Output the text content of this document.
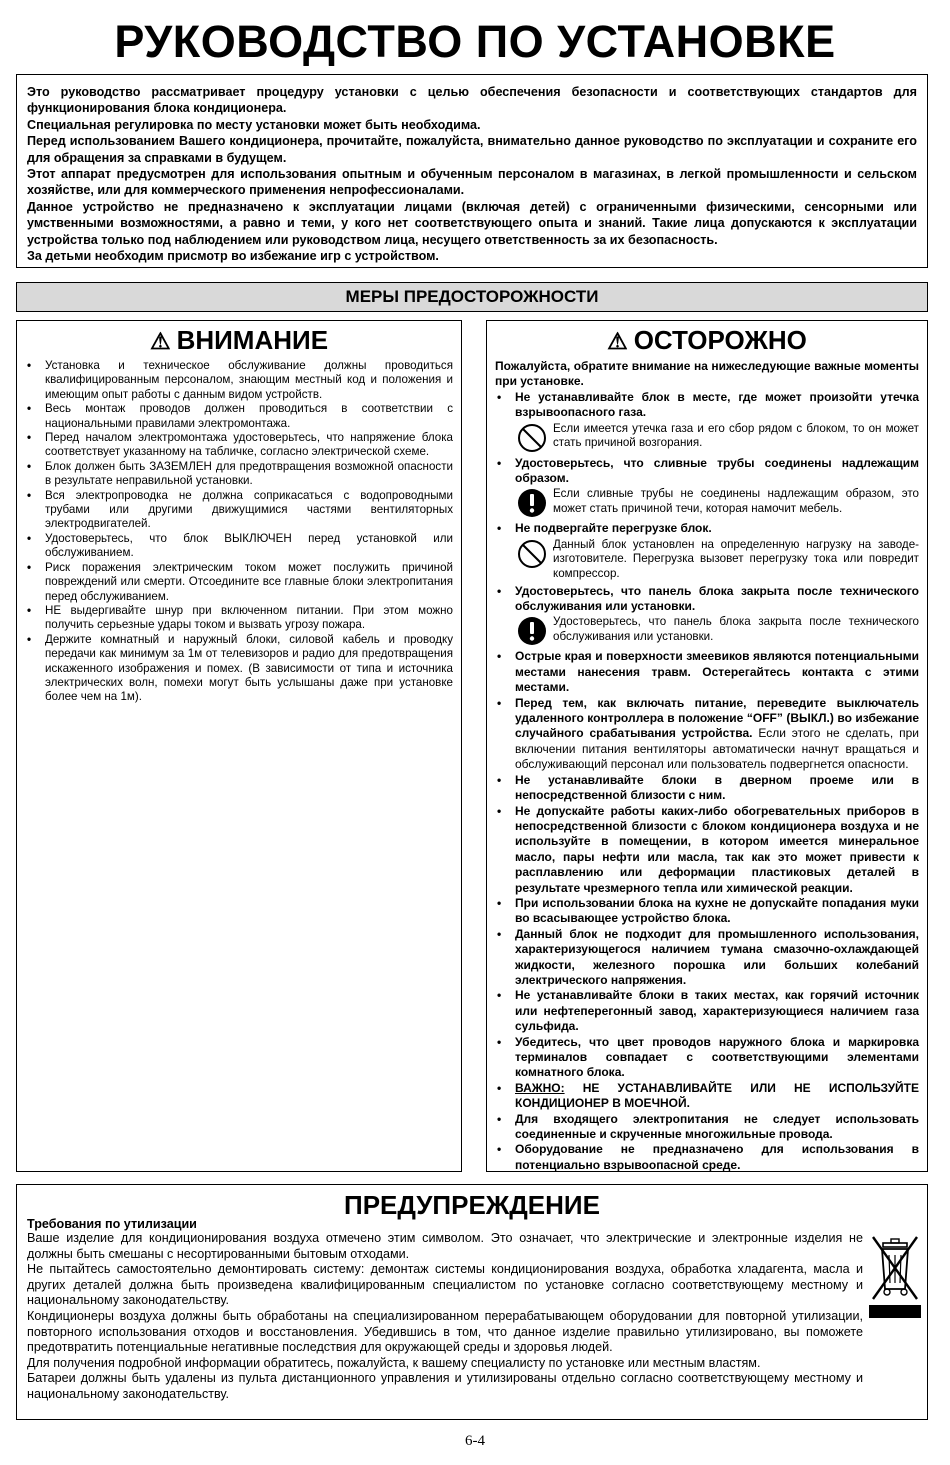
РУКОВОДСТВО ПО УСТАНОВКЕ

Это руководство рассматривает процедуру установки с целью обеспечения безопасности и соответствующих стандартов для функционирования блока кондиционера.

Специальная регулировка по месту установки может быть необходима.

Перед использованием Вашего кондиционера, прочитайте, пожалуйста, внимательно данное руководство по эксплуатации и сохраните его для обращения за справками в будущем.

Этот аппарат предусмотрен для использования опытным и обученным персоналом в магазинах, в легкой промышленности и сельском хозяйстве, или для коммерческого применения непрофессионалами.

Данное устройство не предназначено к эксплуатации лицами (включая детей) с ограниченными физическими, сенсорными или умственными возможностями, а равно и теми, у кого нет соответствующего опыта и знаний. Такие лица допускаются к эксплуатации устройства только под наблюдением или руководством лица, несущего ответственность за их безопасность.

За детьми необходим присмотр во избежание игр с устройством.

МЕРЫ ПРЕДОСТОРОЖНОСТИ
⚠ ВНИМАНИЕ
• Установка и техническое обслуживание должны проводиться квалифицированным персоналом, знающим местный код и положения и имеющим опыт работы с данным видом устройств.
• Весь монтаж проводов должен проводиться в соответствии с национальными правилами электромонтажа.
• Перед началом электромонтажа удостоверьтесь, что напряжение блока соответствует указанному на табличке, согласно электрической схеме.
• Блок должен быть ЗАЗЕМЛЕН для предотвращения возможной опасности в результате неправильной установки.
• Вся электропроводка не должна соприкасаться с водопроводными трубами или другими движущимися частями вентиляторных электродвигателей.
• Удостоверьтесь, что блок ВЫКЛЮЧЕН перед установкой или обслуживанием.
• Риск поражения электрическим током может послужить причиной повреждений или смерти. Отсоедините все главные блоки электропитания перед обслуживанием.
• НЕ выдергивайте шнур при включенном питании. При этом можно получить серьезные удары током и вызвать угрозу пожара.
• Держите комнатный и наружный блоки, силовой кабель и проводку передачи как минимум за 1м от телевизоров и радио для предотвращения искаженного изображения и помех. (В зависимости от типа и источника электрических волн, помехи могут быть услышаны даже при установке более чем на 1м).
⚠ ОСТОРОЖНО

Пожалуйста, обратите внимание на нижеследующие важные моменты при установке.

• Не устанавливайте блок в месте, где может произойти утечка взрывоопасного газа.
Если имеется утечка газа и его сбор рядом с блоком, то он может стать причиной возгорания.
• Удостоверьтесь, что сливные трубы соединены надлежащим образом.
Если сливные трубы не соединены надлежащим образом, это может стать причиной течи, которая намочит мебель.
• Не подвергайте перегрузке блок.
Данный блок установлен на определенную нагрузку на заводе- изготовителе. Перегрузка вызовет перегрузку тока или повредит компрессор.
• Удостоверьтесь, что панель блока закрыта после технического обслуживания или установки.
Удостоверьтесь, что панель блока закрыта после технического обслуживания или установки.
• Острые края и поверхности змеевиков являются потенциальными местами нанесения травм. Остерегайтесь контакта с этими местами.
• Перед тем, как включать питание, переведите выключатель удаленного контроллера в положение “OFF” (ВЫКЛ.) во избежание случайного срабатывания устройства. Если этого не сделать, при включении питания вентиляторы автоматически начнут вращаться и обслуживающий персонал или пользователь подвергнется опасности.
• Не устанавливайте блоки в дверном проеме или в непосредственной близости с ним.
• Не допускайте работы каких-либо обогревательных приборов в непосредственной близости с блоком кондиционера воздуха и не используйте в помещении, в котором имеется минеральное масло, пары нефти или масла, так как это может привести к расплавлению или деформации пластиковых деталей в результате чрезмерного тепла или химической реакции.
• При использовании блока на кухне не допускайте попадания муки во всасывающее устройство блока.
• Данный блок не подходит для промышленного использования, характеризующегося наличием тумана смазочно-охлаждающей жидкости, железного порошка или больших колебаний электрического напряжения.
• Не устанавливайте блоки в таких местах, как горячий источник или нефтеперегонный завод, характеризующиеся наличием газа сульфида.
• Убедитесь, что цвет проводов наружного блока и маркировка терминалов совпадает с соответствующими элементами комнатного блока.
• ВАЖНО: НЕ УСТАНАВЛИВАЙТЕ ИЛИ НЕ ИСПОЛЬЗУЙТЕ КОНДИЦИОНЕР В МОЕЧНОЙ.
• Для входящего электропитания не следует использовать соединенные и скрученные многожильные провода.
• Оборудование не предназначено для использования в потенциально взрывоопасной среде.
ПРЕДУПРЕЖДЕНИЕ
Требования по утилизации

Ваше изделие для кондиционирования воздуха отмечено этим символом. Это означает, что электрические и электронные изделия не должны быть смешаны с несортированными бытовым отходами.

Не пытайтесь самостоятельно демонтировать систему: демонтаж системы кондиционирования воздуха, обработка хладагента, масла и других деталей должна быть произведена квалифицированным специалистом по установке согласно соответствующему местному и национальному законодательству.

Кондиционеры воздуха должны быть обработаны на специализированном перерабатывающем оборудовании для повторной утилизации, повторного использования отходов и восстановления. Убедившись в том, что данное изделие правильно утилизировано, вы поможете предотвратить потенциальные негативные последствия для окружающей среды и здоровья людей.

Для получения подробной информации обратитесь, пожалуйста, к вашему специалисту по установке или местным властям.

Батареи должны быть удалены из пульта дистанционного управления и утилизированы отдельно согласно соответствующему местному и национальному законодательству.

6-4
